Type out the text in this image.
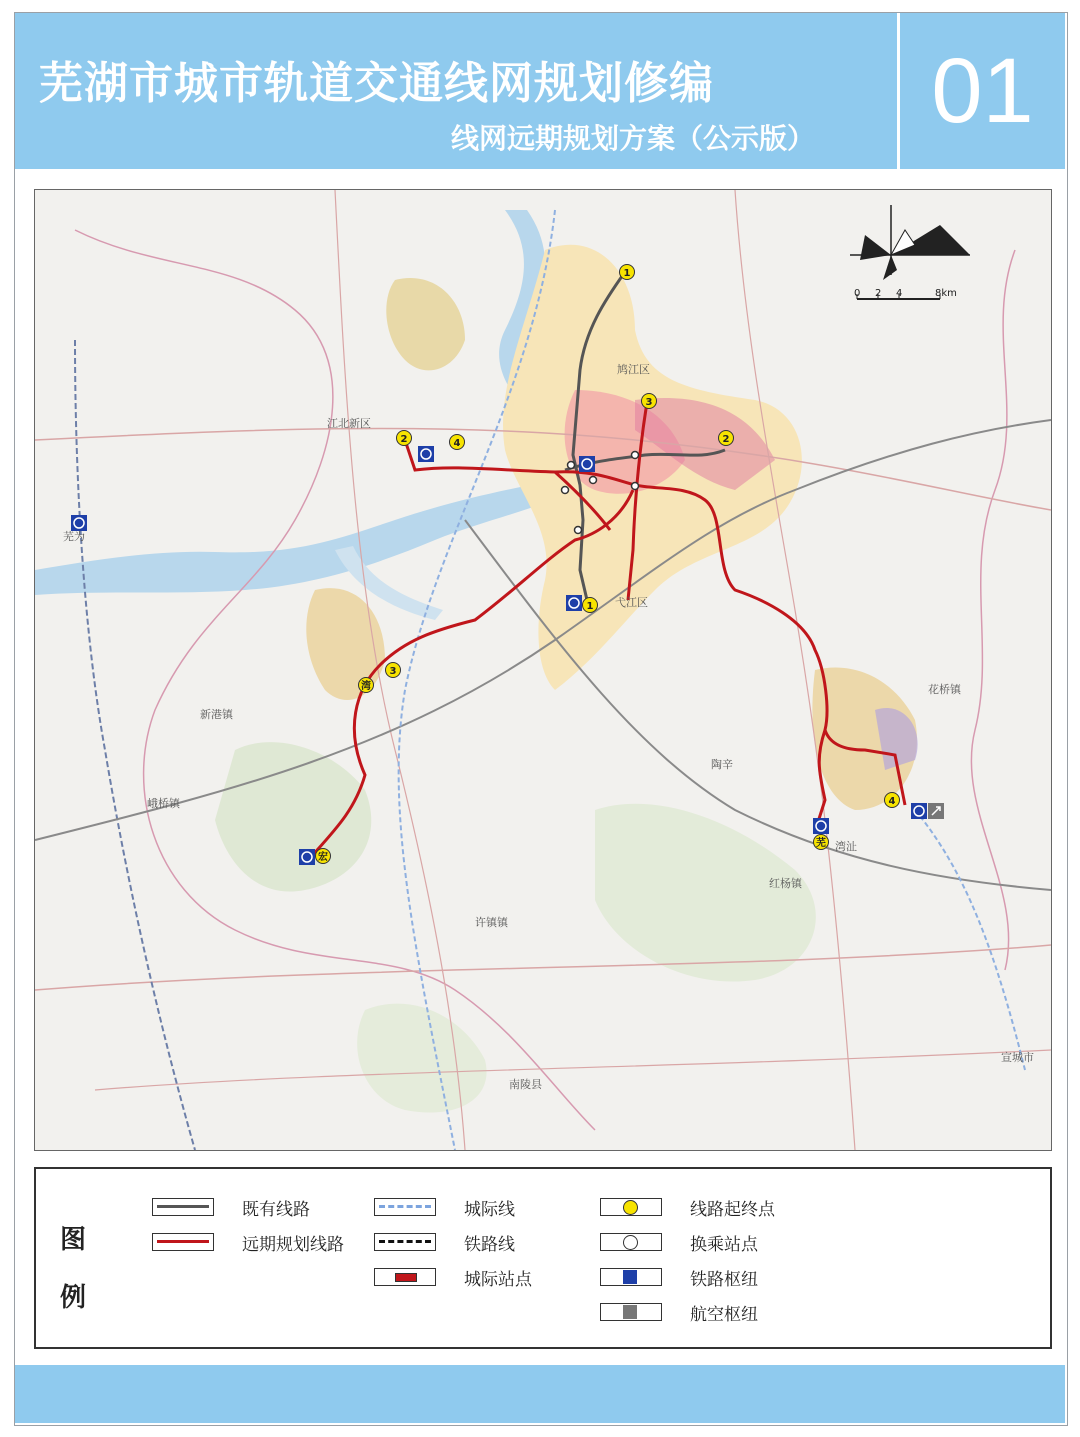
芜湖市城市轨道交通线网规划修编
线网远期规划方案（公示版）	01
1
1
2	2
3
3
4
4
湾
宏
芜
江北新区
鸠江区
弋江区
南陵县
宣城市
芜为
新港镇
峨桥镇
陶辛
红杨镇
花桥镇
湾沚
许镇镇
0 2 4	8km
图
例
既有线路
远期规划线路
城际线
铁路线
城际站点
线路起终点
换乘站点
铁路枢纽
航空枢纽
